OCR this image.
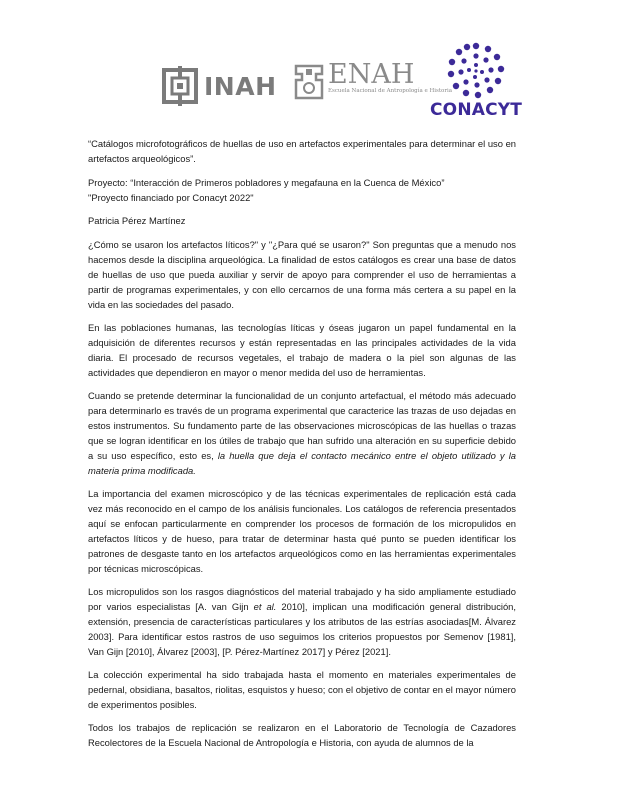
INAH ENAH
Escuela Nacional de Antropología e Historia
CONACYT

“Catálogos microfotográficos de huellas de uso en artefactos experimentales para determinar el uso en artefactos arqueológicos”.

Proyecto: “Interacción de Primeros pobladores y megafauna en la Cuenca de México”
"Proyecto financiado por Conacyt 2022"

Patricia Pérez Martínez

¿Cómo se usaron los artefactos líticos?" y "¿Para qué se usaron?" Son preguntas que a menudo nos hacemos desde la disciplina arqueológica. La finalidad de estos catálogos es crear una base de datos de huellas de uso que pueda auxiliar y servir de apoyo para comprender el uso de herramientas a partir de programas experimentales, y con ello cercarnos de una forma más certera a su papel en la vida en las sociedades del pasado.

En las poblaciones humanas, las tecnologías líticas y óseas jugaron un papel fundamental en la adquisición de diferentes recursos y están representadas en las principales actividades de la vida diaria. El procesado de recursos vegetales, el trabajo de madera o la piel son algunas de las actividades que dependieron en mayor o menor medida del uso de herramientas.

Cuando se pretende determinar la funcionalidad de un conjunto artefactual, el método más adecuado para determinarlo es través de un programa experimental que caracterice las trazas de uso dejadas en estos instrumentos. Su fundamento parte de las observaciones microscópicas de las huellas o trazas que se logran identificar en los útiles de trabajo que han sufrido una alteración en su superficie debido a su uso específico, esto es, la huella que deja el contacto mecánico entre el objeto utilizado y la materia prima modificada.

La importancia del examen microscópico y de las técnicas experimentales de replicación está cada vez más reconocido en el campo de los análisis funcionales. Los catálogos de referencia presentados aquí se enfocan particularmente en comprender los procesos de formación de los micropulidos en artefactos líticos y de hueso, para tratar de determinar hasta qué punto se pueden identificar los patrones de desgaste tanto en los artefactos arqueológicos como en las herramientas experimentales por técnicas microscópicas.

Los micropulidos son los rasgos diagnósticos del material trabajado y ha sido ampliamente estudiado por varios especialistas [A. van Gijn et al. 2010], implican una modificación general distribución, extensión, presencia de características particulares y los atributos de las estrías asociadas[M. Álvarez 2003]. Para identificar estos rastros de uso seguimos los criterios propuestos por Semenov [1981], Van Gijn [2010], Álvarez [2003], [P. Pérez-Martínez 2017] y Pérez [2021].

La colección experimental ha sido trabajada hasta el momento en materiales experimentales de pedernal, obsidiana, basaltos, riolitas, esquistos y hueso; con el objetivo de contar en el mayor número de experimentos posibles.

Todos los trabajos de replicación se realizaron en el Laboratorio de Tecnología de Cazadores Recolectores de la Escuela Nacional de Antropología e Historia, con ayuda de alumnos de la
